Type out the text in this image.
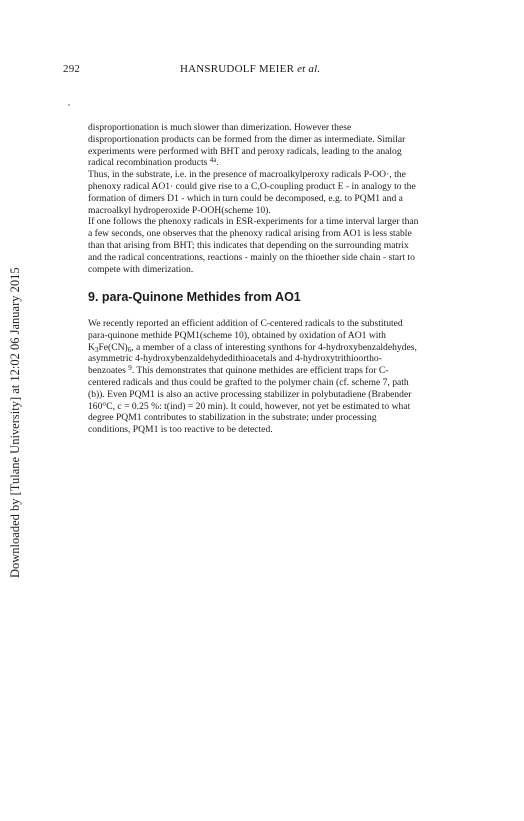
292	HANSRUDOLF MEIER et al.
Downloaded by [Tulane University] at 12:02 06 January 2015
disproportionation is much slower than dimerization. However these
disproportionation products can be formed from the dimer as intermediate. Similar
experiments were performed with BHT and peroxy radicals, leading to the analog
radical recombination products $^{4a}$.
Thus, in the substrate, i.e. in the presence of macroalkylperoxy radicals P-OO·, the
phenoxy radical AO1· could give rise to a C,O-coupling product E - in analogy to the
formation of dimers D1 - which in turn could be decomposed, e.g. to PQM1 and a
macroalkyl hydroperoxide P-OOH(scheme 10).
If one follows the phenoxy radicals in ESR-experiments for a time interval larger than
a few seconds, one observes that the phenoxy radical arising from AO1 is less stable
than that arising from BHT; this indicates that depending on the surrounding matrix
and the radical concentrations, reactions - mainly on the thioether side chain - start to
compete with dimerization.
9. para-Quinone Methides from AO1
We recently reported an efficient addition of C-centered radicals to the substituted
para-quinone methide PQM1(scheme 10), obtained by oxidation of AO1 with
$K_3Fe(CN)_6$, a member of a class of interesting synthons for 4-hydroxybenzaldehydes,
asymmetric 4-hydroxybenzaldehydedithioacetals and 4-hydroxytrithioortho-
benzoates $^9$. This demonstrates that quinone methides are efficient traps for C-
centered radicals and thus could be grafted to the polymer chain (cf. scheme 7, path
(b)). Even PQM1 is also an active processing stabilizer in polybutadiene (Brabender
160°C, c = 0.25 %: t(ind) = 20 min). It could, however, not yet be estimated to what
degree PQM1 contributes to stabilization in the substrate; under processing
conditions, PQM1 is too reactive to be detected.
